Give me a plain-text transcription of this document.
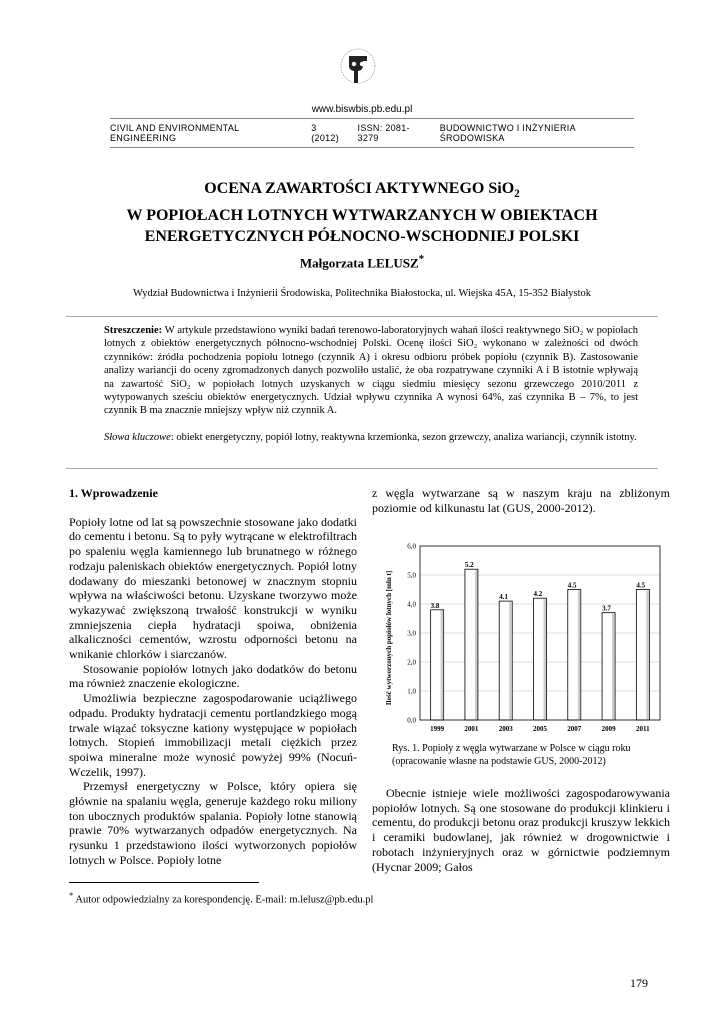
www.biswbis.pb.edu.pl
CIVIL AND ENVIRONMENTAL ENGINEERING
3 (2012)
ISSN: 2081-3279
BUDOWNICTWO I INŻYNIERIA ŚRODOWISKA
OCENA ZAWARTOŚCI AKTYWNEGO SiO$_2$
W POPIOŁACH LOTNYCH WYTWARZANYCH W OBIEKTACH
ENERGETYCZNYCH PÓŁNOCNO-WSCHODNIEJ POLSKI
Małgorzata LELUSZ*
Wydział Budownictwa i Inżynierii Środowiska, Politechnika Białostocka, ul. Wiejska 45A, 15-352 Białystok
Streszczenie: W artykule przedstawiono wyniki badań terenowo-laboratoryjnych wahań ilości reaktywnego SiO₂ w popiołach lotnych z obiektów energetycznych północno-wschodniej Polski. Ocenę ilości SiO₂ wykonano w zależności od dwóch czynników: źródła pochodzenia popiołu lotnego (czynnik A) i okresu odbioru próbek popiołu (czynnik B). Zastosowanie analizy wariancji do oceny zgromadzonych danych pozwoliło ustalić, że oba rozpatrywane czynniki A i B istotnie wpływają na zawartość SiO₂ w popiołach lotnych uzyskanych w ciągu siedmiu miesięcy sezonu grzewczego 2010/2011 z wytypowanych sześciu obiektów energetycznych. Udział wpływu czynnika A wynosi 64%, zaś czynnika B – 7%, to jest czynnik B ma znacznie mniejszy wpływ niż czynnik A.
Słowa kluczowe: obiekt energetyczny, popiół lotny, reaktywna krzemionka, sezon grzewczy, analiza wariancji, czynnik istotny.
1. Wprowadzenie

Popioły lotne od lat są powszechnie stosowane jako dodatki do cementu i betonu. Są to pyły wytrącane w elektrofiltrach po spaleniu węgla kamiennego lub brunatnego w różnego rodzaju paleniskach obiektów energetycznych. Popiół lotny dodawany do mieszanki betonowej w znacznym stopniu wpływa na właściwości betonu. Uzyskane tworzywo może wykazywać zwiększoną trwałość konstrukcji w wyniku zmniejszenia ciepła hydratacji spoiwa, obniżenia alkaliczności cementów, wzrostu odporności betonu na wnikanie chlorków i siarczanów.

Stosowanie popiołów lotnych jako dodatków do betonu ma również znaczenie ekologiczne.

Umożliwia bezpieczne zagospodarowanie uciążliwego odpadu. Produkty hydratacji cementu portlandzkiego mogą trwale wiązać toksyczne kationy występujące w popiołach lotnych. Stopień immobilizacji metali ciężkich przez spoiwa mineralne może wynosić powyżej 99% (Nocuń-Wczelik, 1997).

Przemysł energetyczny w Polsce, który opiera się głównie na spalaniu węgla, generuje każdego roku miliony ton ubocznych produktów spalania. Popioły lotne stanowią prawie 70% wytwarzanych odpadów energetycznych. Na rysunku 1 przedstawiono ilości wytworzonych popiołów lotnych w Polsce. Popioły lotne

z węgla wytwarzane są w naszym kraju na zbliżonym poziomie od kilkunastu lat (GUS, 2000-2012).

Ilość wytworzonych popiołów lotnych [mln t]
0,0
1,0
2,0
3,0
4,0
5,0
6,0
3.8
5.2
4.1	4.2
4.5
3.7
4.5
1999	2001	2003	2005	2007	2009	2011
Rys. 1. Popioły z węgla wytwarzane w Polsce w ciągu roku (opracowanie własne na podstawie GUS, 2000-2012)

Obecnie istnieje wiele możliwości zagospodarowywania popiołów lotnych. Są one stosowane do produkcji klinkieru i cementu, do produkcji betonu oraz produkcji kruszyw lekkich i ceramiki budowlanej, jak również w drogownictwie i robotach inżynieryjnych oraz w górnictwie podziemnym (Hycnar 2009; Gałos

* Autor odpowiedzialny za korespondencję. E-mail: m.lelusz@pb.edu.pl
179
